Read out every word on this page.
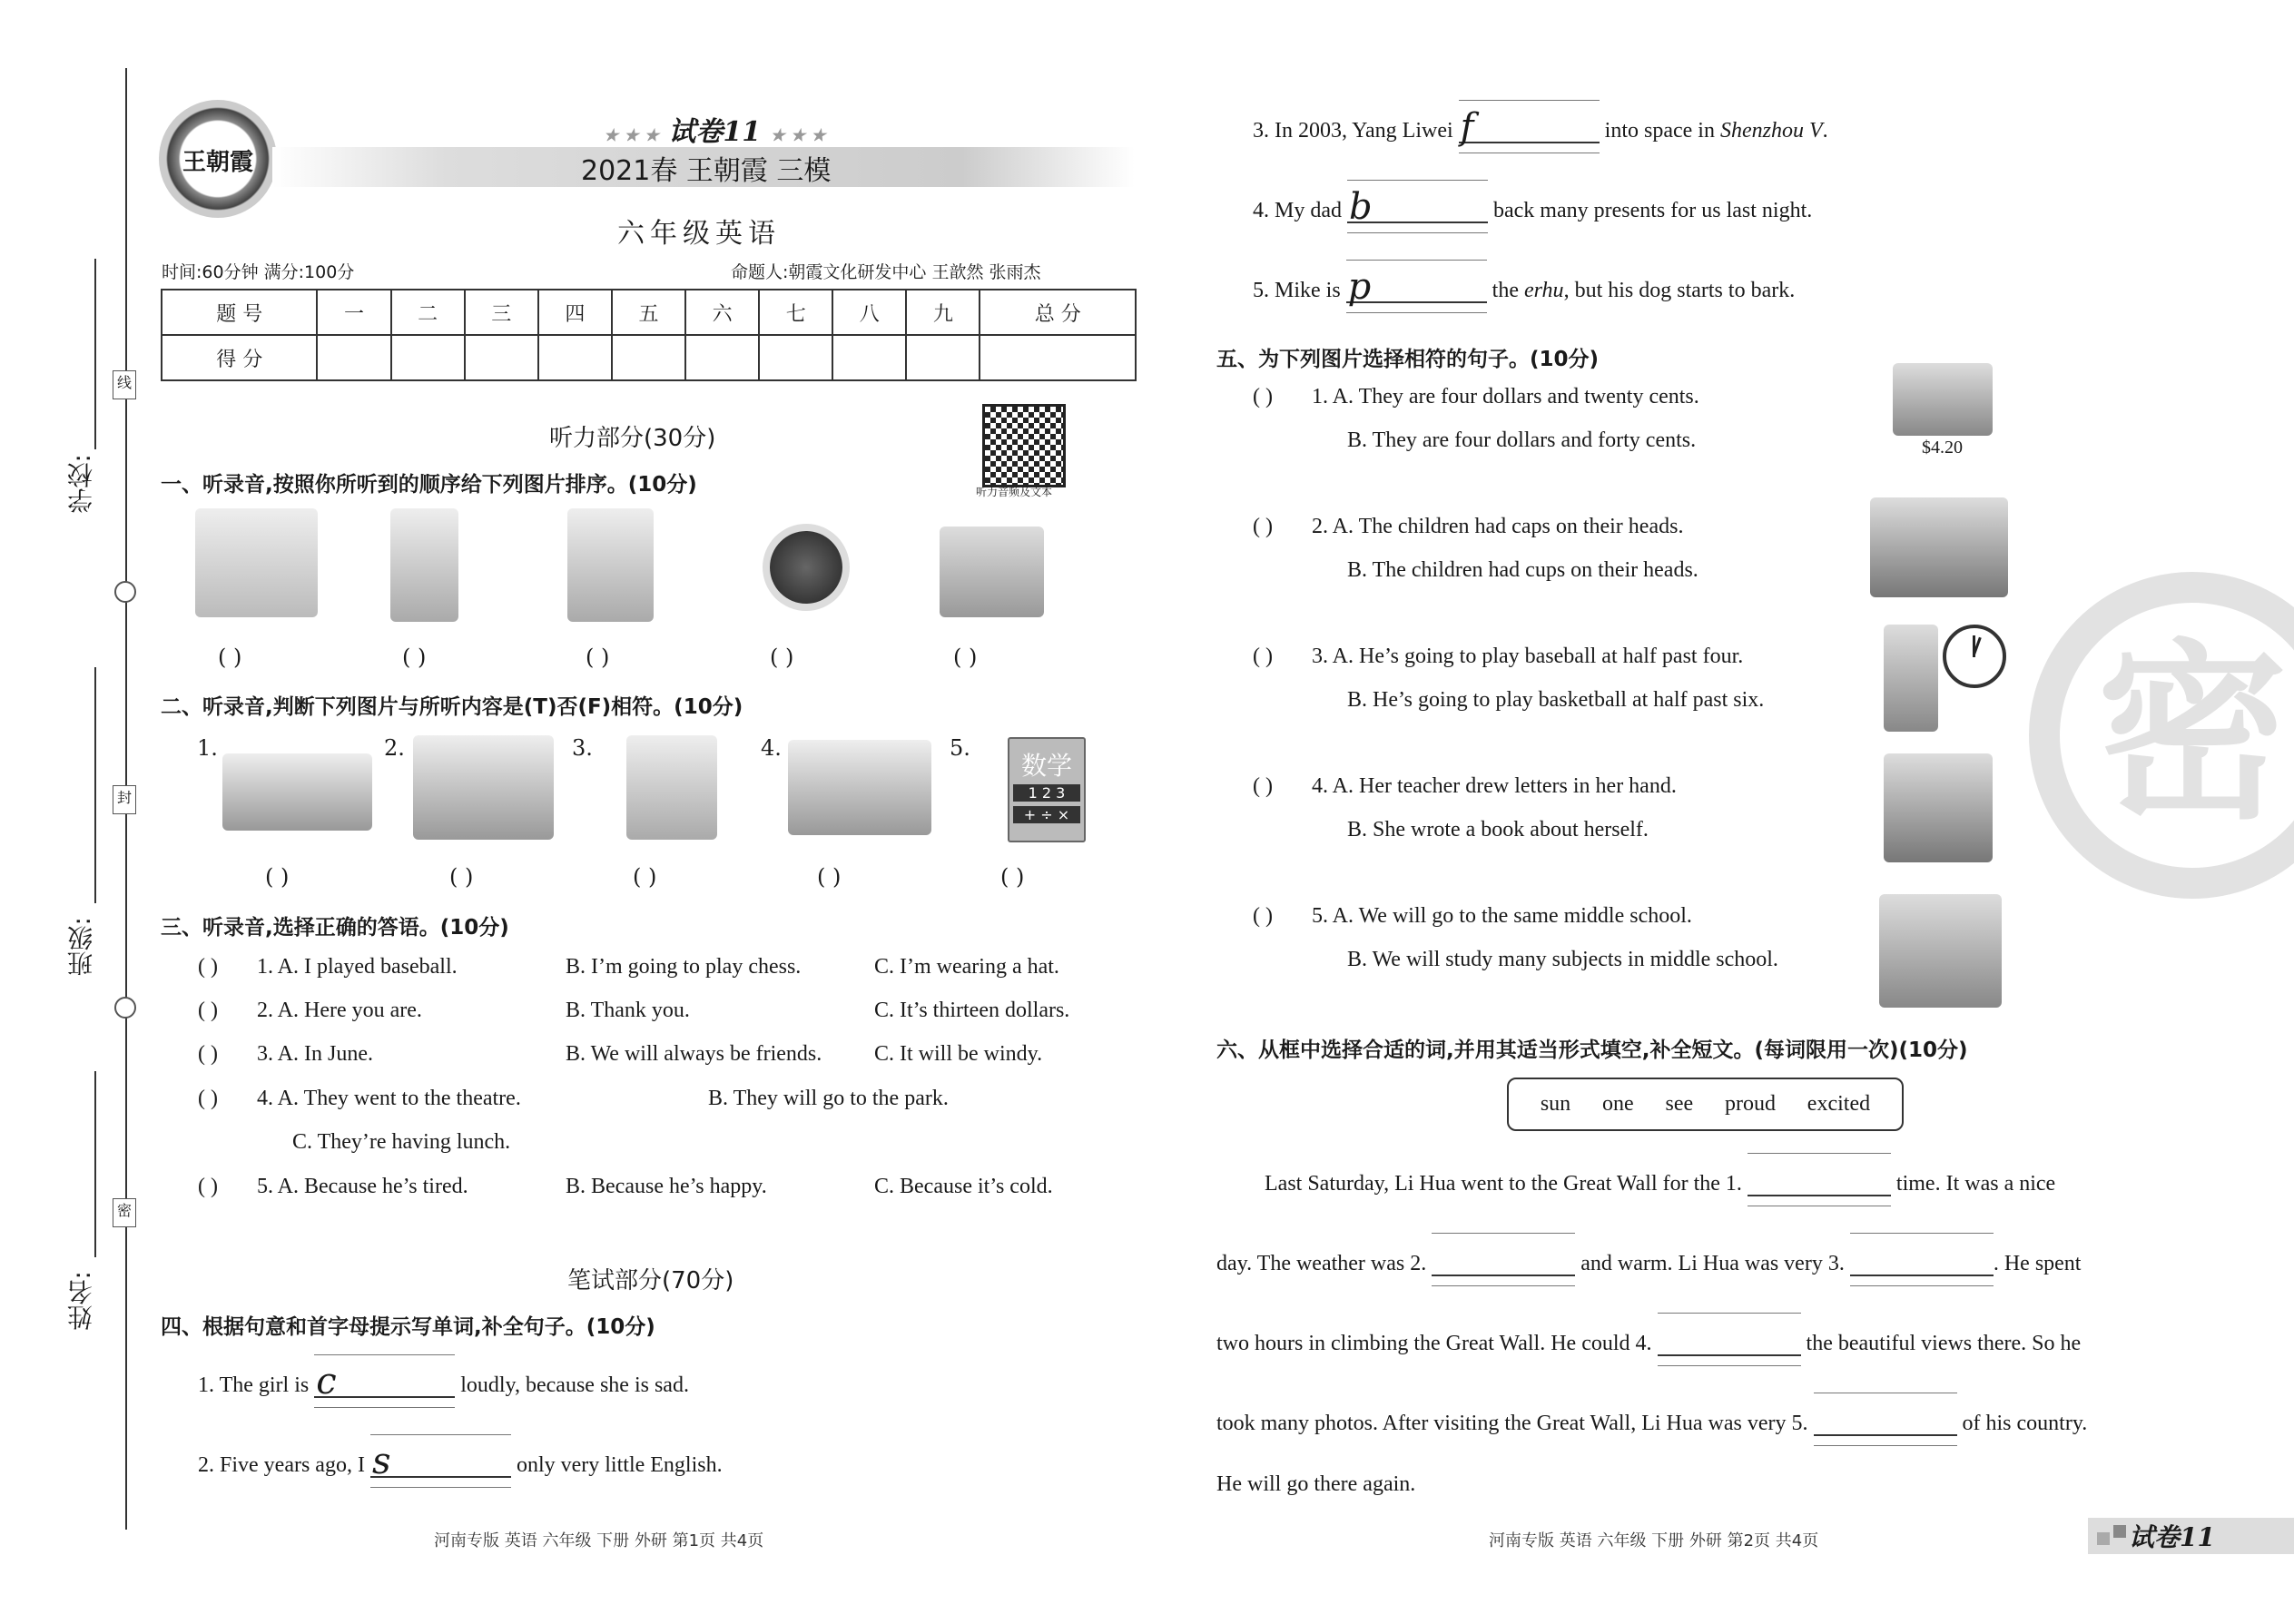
学校:
班级:
姓名:
线
封
密
王朝霞
★ ★ ★ 试卷11 ★ ★ ★
2021春 王朝霞 三模
六年级英语
时间:60分钟 满分:100分	命题人:朝霞文化研发中心 王歆然 张雨杰
题 号	一	二	三	四	五	六	七	八	九	总 分
得 分										
听力部分(30分)
听力音频及文本
一、听录音,按照你所听到的顺序给下列图片排序。(10分)
( )	( )	( )	( )	( )
二、听录音,判断下列图片与所听内容是(T)否(F)相符。(10分)
1.	2.	3.	4.	5.
数学
1 2 3
+ ÷ ×
( )	( )	( )	( )	( )
三、听录音,选择正确的答语。(10分)
( ) 1. A. I played baseball.	B. I’m going to play chess.	C. I’m wearing a hat.
( ) 2. A. Here you are.	B. Thank you.	C. It’s thirteen dollars.
( ) 3. A. In June.	B. We will always be friends. C. It will be windy.
( ) 4. A. They went to the theatre.	B. They will go to the park.
C. They’re having lunch.
( ) 5. A. Because he’s tired.	B. Because he’s happy.	C. Because it’s cold.
笔试部分(70分)
四、根据句意和首字母提示写单词,补全句子。(10分)
1. The girl is c	loudly, because she is sad.
2. Five years ago, I s	only very little English.
3. In 2003, Yang Liwei f	into space in Shenzhou V.
4. My dad b	back many presents for us last night.
5. Mike is p	the erhu, but his dog starts to bark.
五、为下列图片选择相符的句子。(10分)
( ) 1. A. They are four dollars and twenty cents.
B. They are four dollars and forty cents.	$4.20
( ) 2. A. The children had caps on their heads.
B. The children had cups on their heads.
( ) 3. A. He’s going to play baseball at half past four.
B. He’s going to play basketball at half past six.
( ) 4. A. Her teacher drew letters in her hand.
B. She wrote a book about herself.
( ) 5. A. We will go to the same middle school.
B. We will study many subjects in middle school.
六、从框中选择合适的词,并用其适当形式填空,补全短文。(每词限用一次)(10分)
sun one see proud excited
Last Saturday, Li Hua went to the Great Wall for the 1.	time. It was a nice
day. The weather was 2.	and warm. Li Hua was very 3.	. He spent
two hours in climbing the Great Wall. He could 4.	the beautiful views there. So he
took many photos. After visiting the Great Wall, Li Hua was very 5.	of his country.
He will go there again.
密
河南专版 英语 六年级 下册 外研 第1页 共4页	河南专版 英语 六年级 下册 外研 第2页 共4页	试卷11
